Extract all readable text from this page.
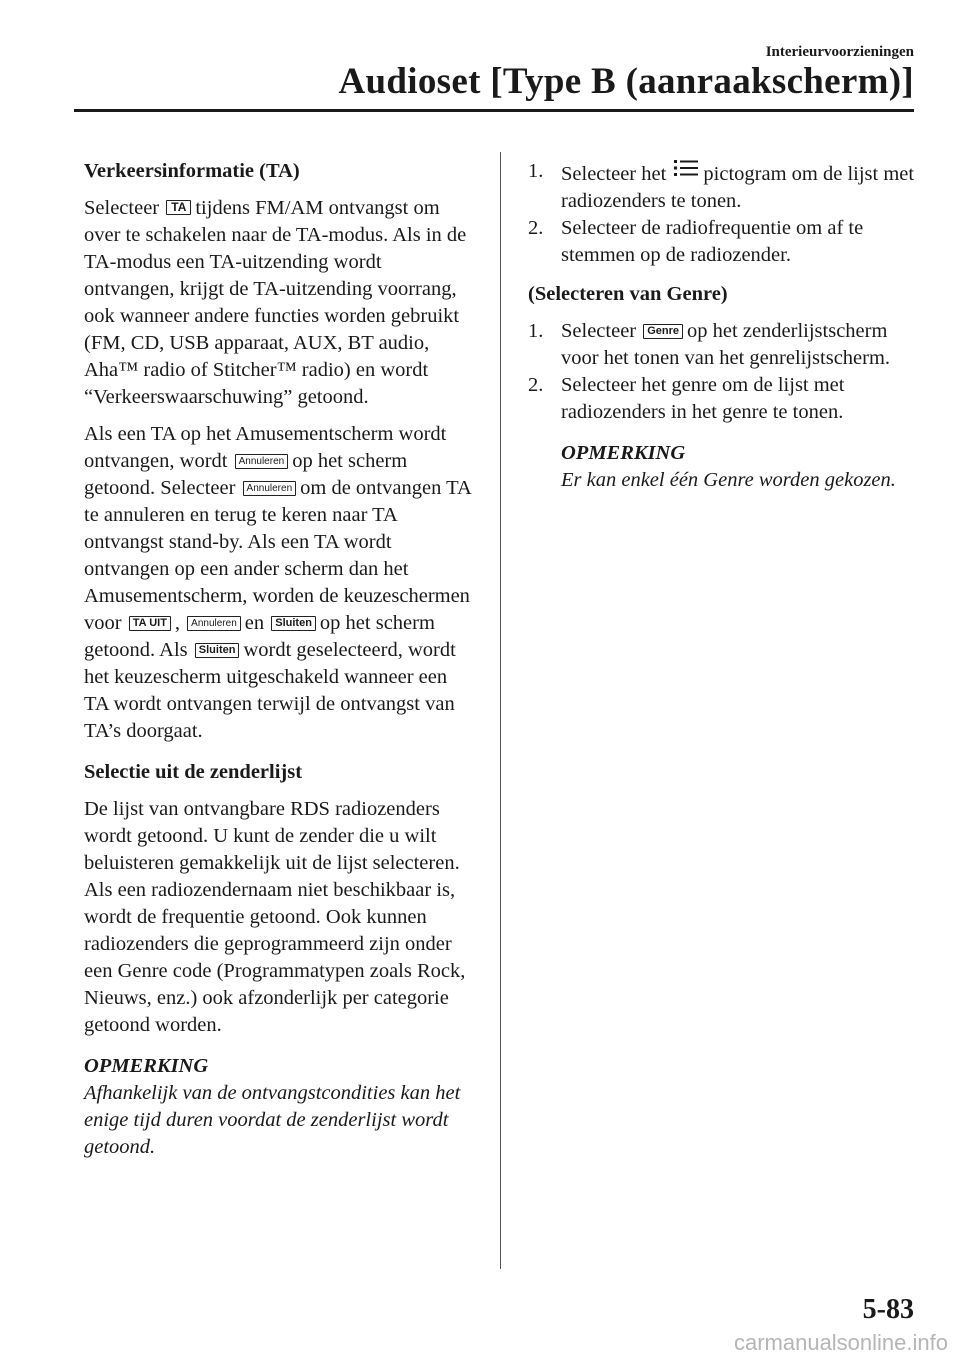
Interieurvoorzieningen
Audioset [Type B (aanraakscherm)]
Verkeersinformatie (TA)

Selecteer TA tijdens FM/AM ontvangst om over te schakelen naar de TA-modus. Als in de TA-modus een TA-uitzending wordt ontvangen, krijgt de TA-uitzending voorrang, ook wanneer andere functies worden gebruikt (FM, CD, USB apparaat, AUX, BT audio, Aha™ radio of Stitcher™ radio) en wordt “Verkeerswaarschuwing” getoond.

Als een TA op het Amusementscherm wordt ontvangen, wordt Annuleren op het scherm getoond. Selecteer Annuleren om de ontvangen TA te annuleren en terug te keren naar TA ontvangst stand-by. Als een TA wordt ontvangen op een ander scherm dan het Amusementscherm, worden de keuzeschermen voor TA UIT , Annuleren en Sluiten op het scherm getoond. Als Sluiten wordt geselecteerd, wordt het keuzescherm uitgeschakeld wanneer een TA wordt ontvangen terwijl de ontvangst van TA’s doorgaat.

Selectie uit de zenderlijst

De lijst van ontvangbare RDS radiozenders wordt getoond. U kunt de zender die u wilt beluisteren gemakkelijk uit de lijst selecteren. Als een radiozendernaam niet beschikbaar is, wordt de frequentie getoond. Ook kunnen radiozenders die geprogrammeerd zijn onder een Genre code (Programmatypen zoals Rock, Nieuws, enz.) ook afzonderlijk per categorie getoond worden.

OPMERKING
Afhankelijk van de ontvangstcondities kan het enige tijd duren voordat de zenderlijst wordt getoond.
1. Selecteer het pictogram om de lijst met radiozenders te tonen.
2. Selecteer de radiofrequentie om af te stemmen op de radiozender.
(Selecteren van Genre)
1. Selecteer Genre op het zenderlijstscherm voor het tonen van het genrelijstscherm.
2. Selecteer het genre om de lijst met radiozenders in het genre te tonen.
OPMERKING
Er kan enkel één Genre worden gekozen.
5-83
carmanualsonline.info
